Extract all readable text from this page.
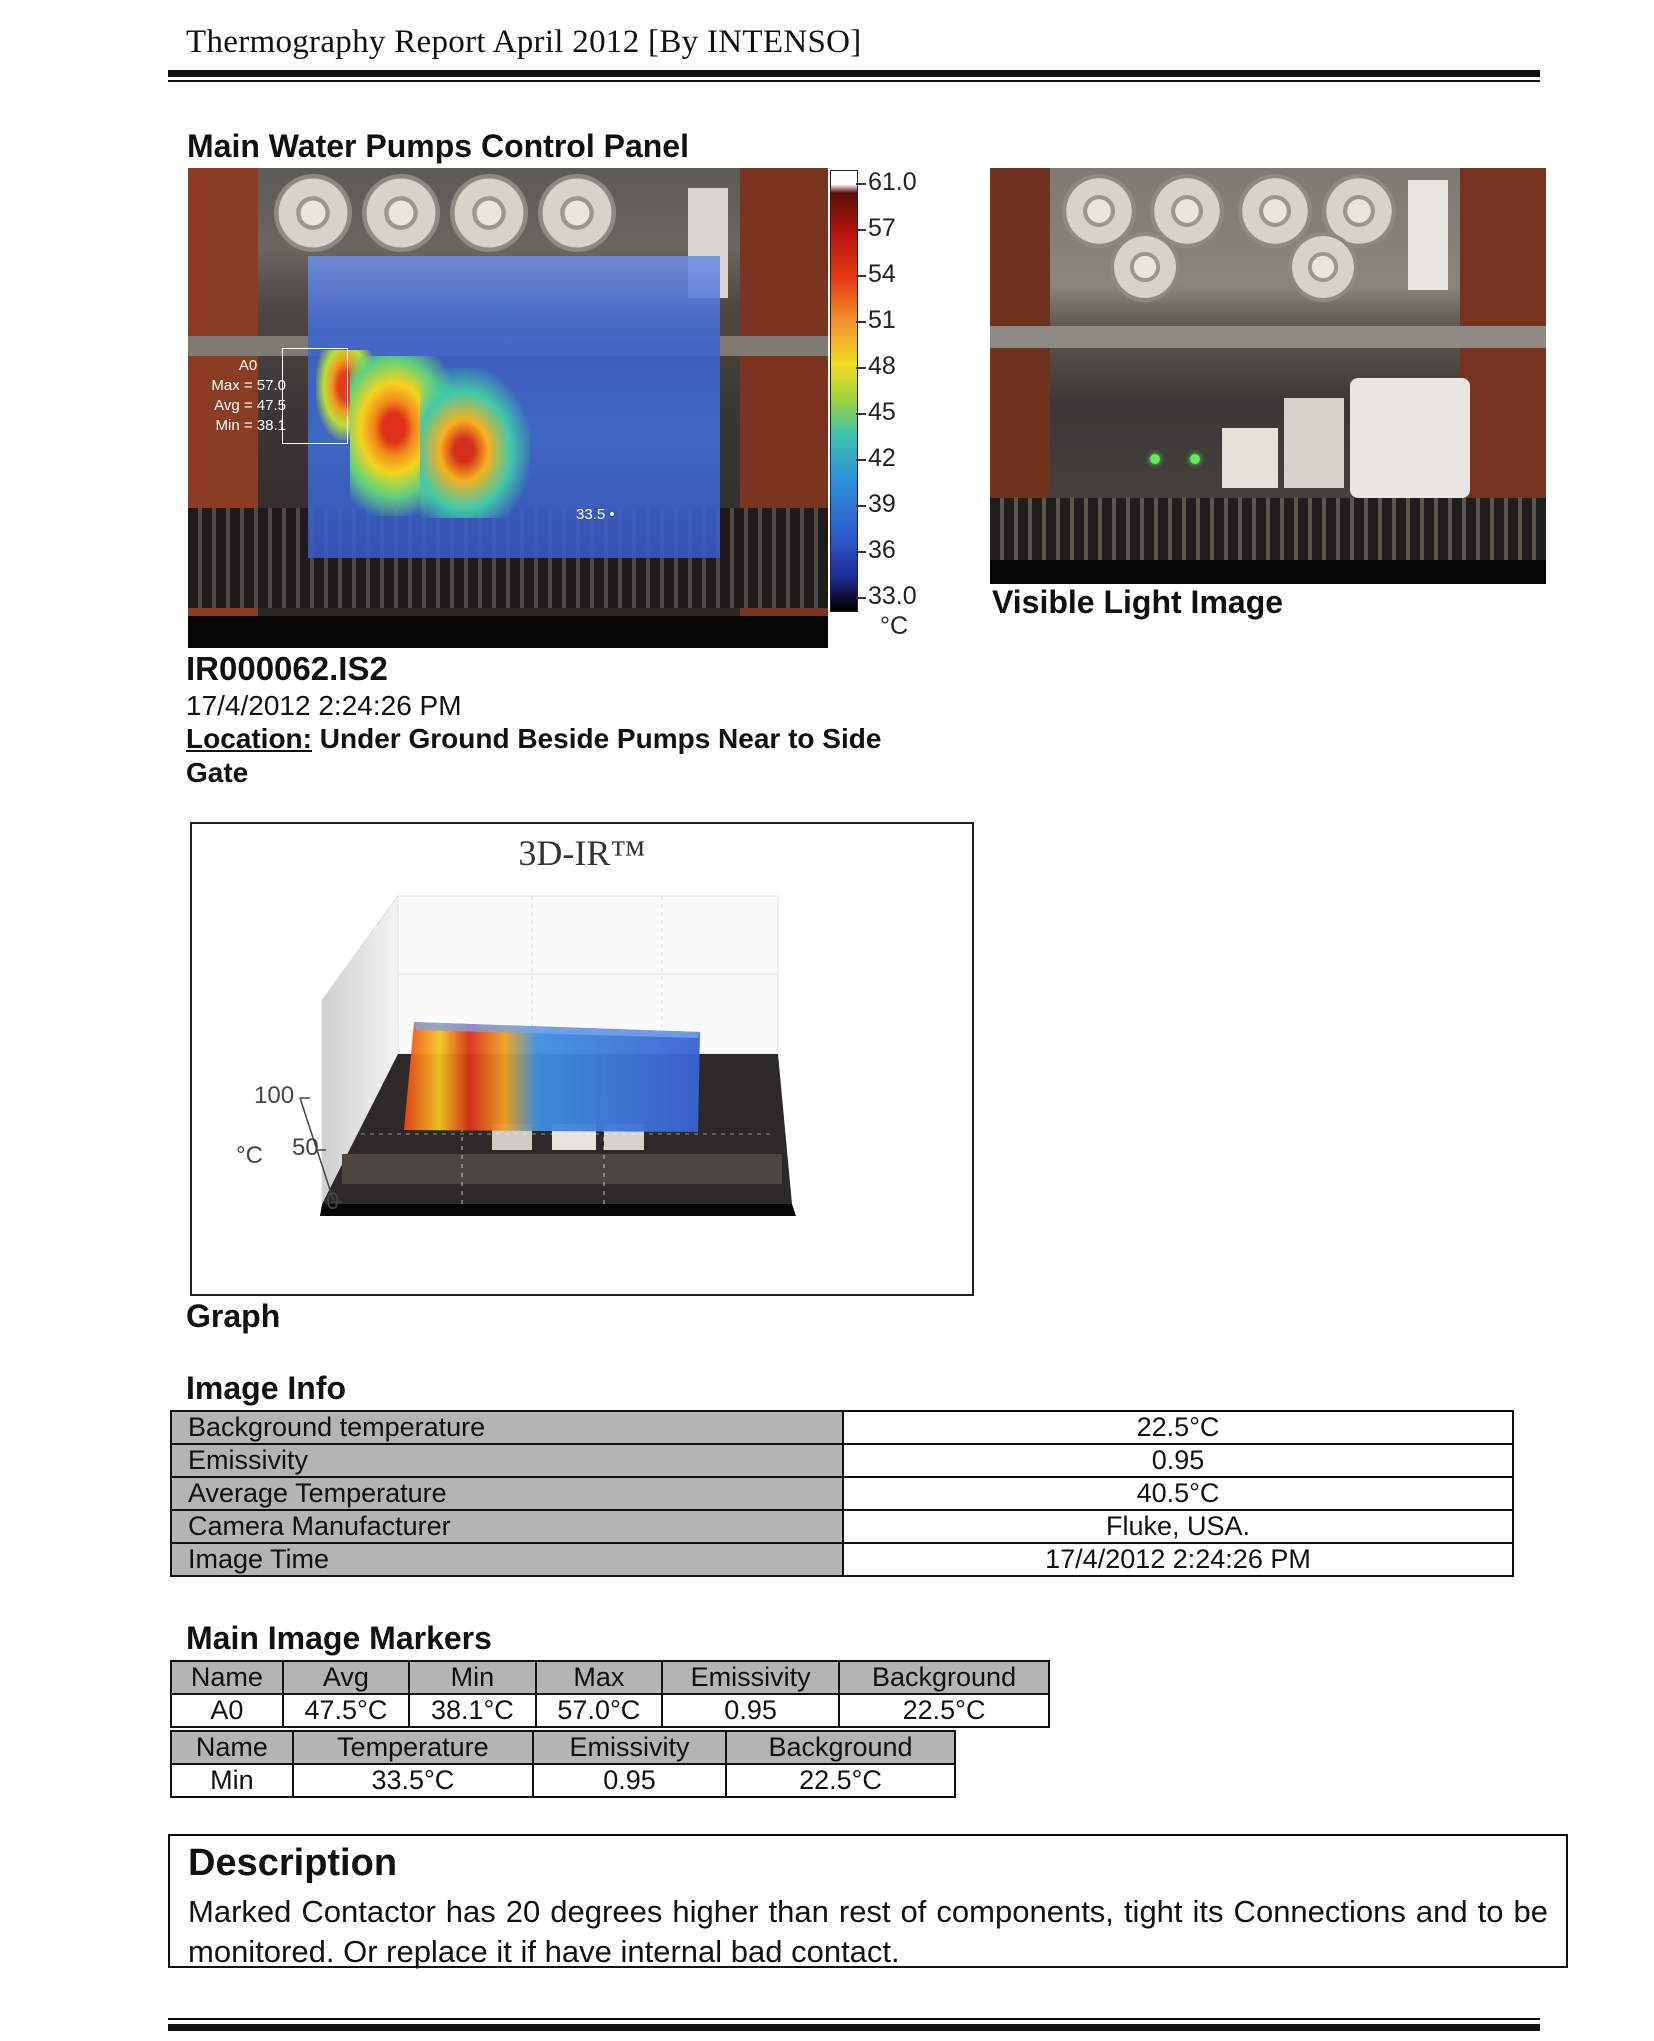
Thermography Report April 2012 [By INTENSO]
Main Water Pumps Control Panel
A0
Max = 57.0
Avg = 47.5
Min = 38.1
33.5 •
61.0
57
54
51
48
45
42
39
36
33.0
°C
Visible Light Image
IR000062.IS2
17/4/2012 2:24:26 PM
Location: Under Ground Beside Pumps Near to Side Gate
3D-IR™
100
50
0
°C
Graph
Image Info
Background temperature	22.5°C
Emissivity	0.95
Average Temperature	40.5°C
Camera Manufacturer	Fluke, USA.
Image Time	17/4/2012 2:24:26 PM
Main Image Markers
Name	Avg	Min	Max	Emissivity	Background
A0	47.5°C	38.1°C	57.0°C	0.95	22.5°C
Name	Temperature	Emissivity	Background
Min	33.5°C	0.95	22.5°C
Description
Marked Contactor has 20 degrees higher than rest of components, tight its Connections and to be monitored. Or replace it if have internal bad contact.
